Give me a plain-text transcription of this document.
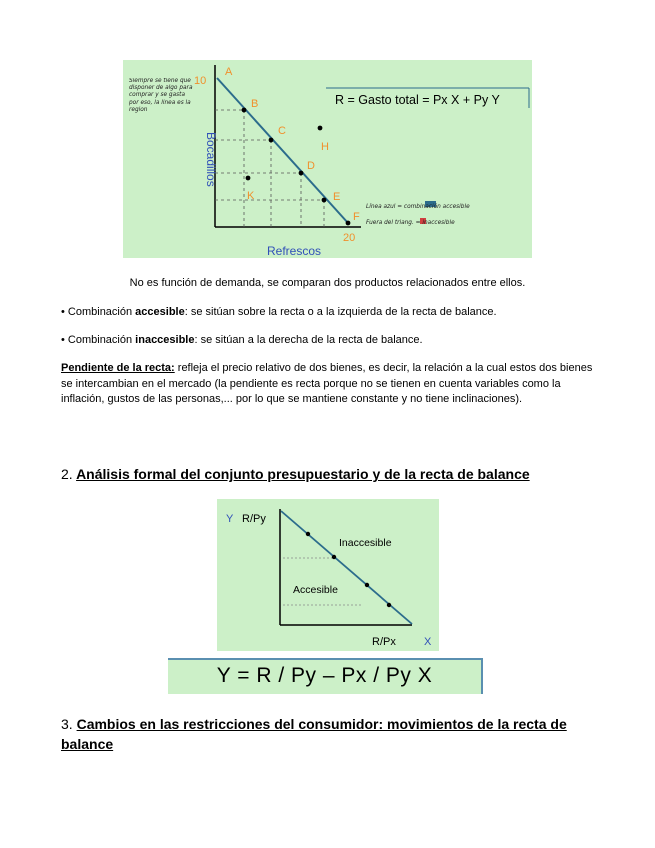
A
B
C
D
E
F
H
K
10
20
Bocadillos
Refrescos
R = Gasto total = Px X + Py Y
Siempre se tiene que disponer de algo para comprar y se gasta por eso, la linea es la region
Línea azul = combinación accesible
Fuera del triang. = inaccesible
No es función de demanda, se comparan dos productos relacionados entre ellos.
• Combinación accesible: se sitúan sobre la recta o a la izquierda de la recta de balance.
• Combinación inaccesible: se sitúan a la derecha de la recta de balance.
Pendiente de la recta: refleja el precio relativo de dos bienes, es decir, la relación a la cual estos dos bienes se intercambian en el mercado (la pendiente es recta porque no se tienen en cuenta variables como la inflación, gustos de las personas,... por lo que se mantiene constante y no tiene inclinaciones).
2. Análisis formal del conjunto presupuestario y de la recta de balance
Y R/Py
R/Px	X
Inaccesible
Accesible
Y = R / Py – Px / Py X
3. Cambios en las restricciones del consumidor: movimientos de la recta de balance
